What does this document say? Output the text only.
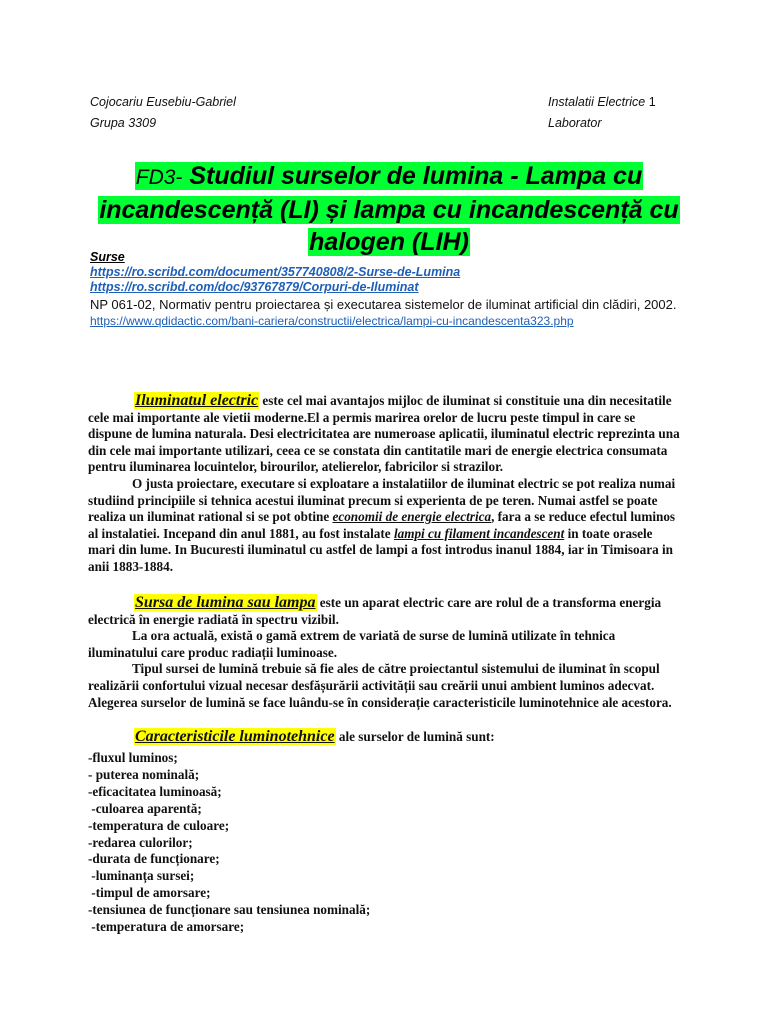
Cojocariu Eusebiu-Gabriel
Grupa 3309
Instalatii Electrice 1
Laborator
FD3- Studiul surselor de lumina - Lampa cu incandescență (LI) și lampa cu incandescență cu halogen (LIH)
Surse
https://ro.scribd.com/document/357740808/2-Surse-de-Lumina
https://ro.scribd.com/doc/93767879/Corpuri-de-Iluminat
NP 061-02, Normativ pentru proiectarea și executarea sistemelor de iluminat artificial din clădiri, 2002.
https://www.qdidactic.com/bani-cariera/constructii/electrica/lampi-cu-incandescenta323.php

Iluminatul electric este cel mai avantajos mijloc de iluminat si constituie una din necesitatile cele mai importante ale vietii moderne.El a permis marirea orelor de lucru peste timpul in care se dispune de lumina naturala. Desi electricitatea are numeroase aplicatii, iluminatul electric reprezinta una din cele mai importante utilizari, ceea ce se constata din cantitatile mari de energie electrica consumata pentru iluminarea locuintelor, birourilor, atelierelor, fabricilor si strazilor.

O justa proiectare, executare si exploatare a instalatiilor de iluminat electric se pot realiza numai studiind principiile si tehnica acestui iluminat precum si experienta de pe teren. Numai astfel se poate realiza un iluminat rational si se pot obtine economii de energie electrica, fara a se reduce efectul luminos al instalatiei. Incepand din anul 1881, au fost instalate lampi cu filament incandescent in toate orasele mari din lume. In Bucuresti iluminatul cu astfel de lampi a fost introdus inanul 1884, iar in Timisoara in anii 1883-1884.

Sursa de lumina sau lampa este un aparat electric care are rolul de a transforma energia electrică în energie radiată în spectru vizibil.

La ora actuală, există o gamă extrem de variată de surse de lumină utilizate în tehnica iluminatului care produc radiații luminoase.

Tipul sursei de lumină trebuie să fie ales de către proiectantul sistemului de iluminat în scopul realizării confortului vizual necesar desfășurării activității sau creării unui ambient luminos adecvat. Alegerea surselor de lumină se face luându-se în considerație caracteristicile luminotehnice ale acestora.

Caracteristicile luminotehnice ale surselor de lumină sunt:

-fluxul luminos;
- puterea nominală;
-eficacitatea luminoasă;
-culoarea aparentă;
-temperatura de culoare;
-redarea culorilor;
-durata de funcționare;
-luminanța sursei;
-timpul de amorsare;
-tensiunea de funcționare sau tensiunea nominală;
-temperatura de amorsare;
